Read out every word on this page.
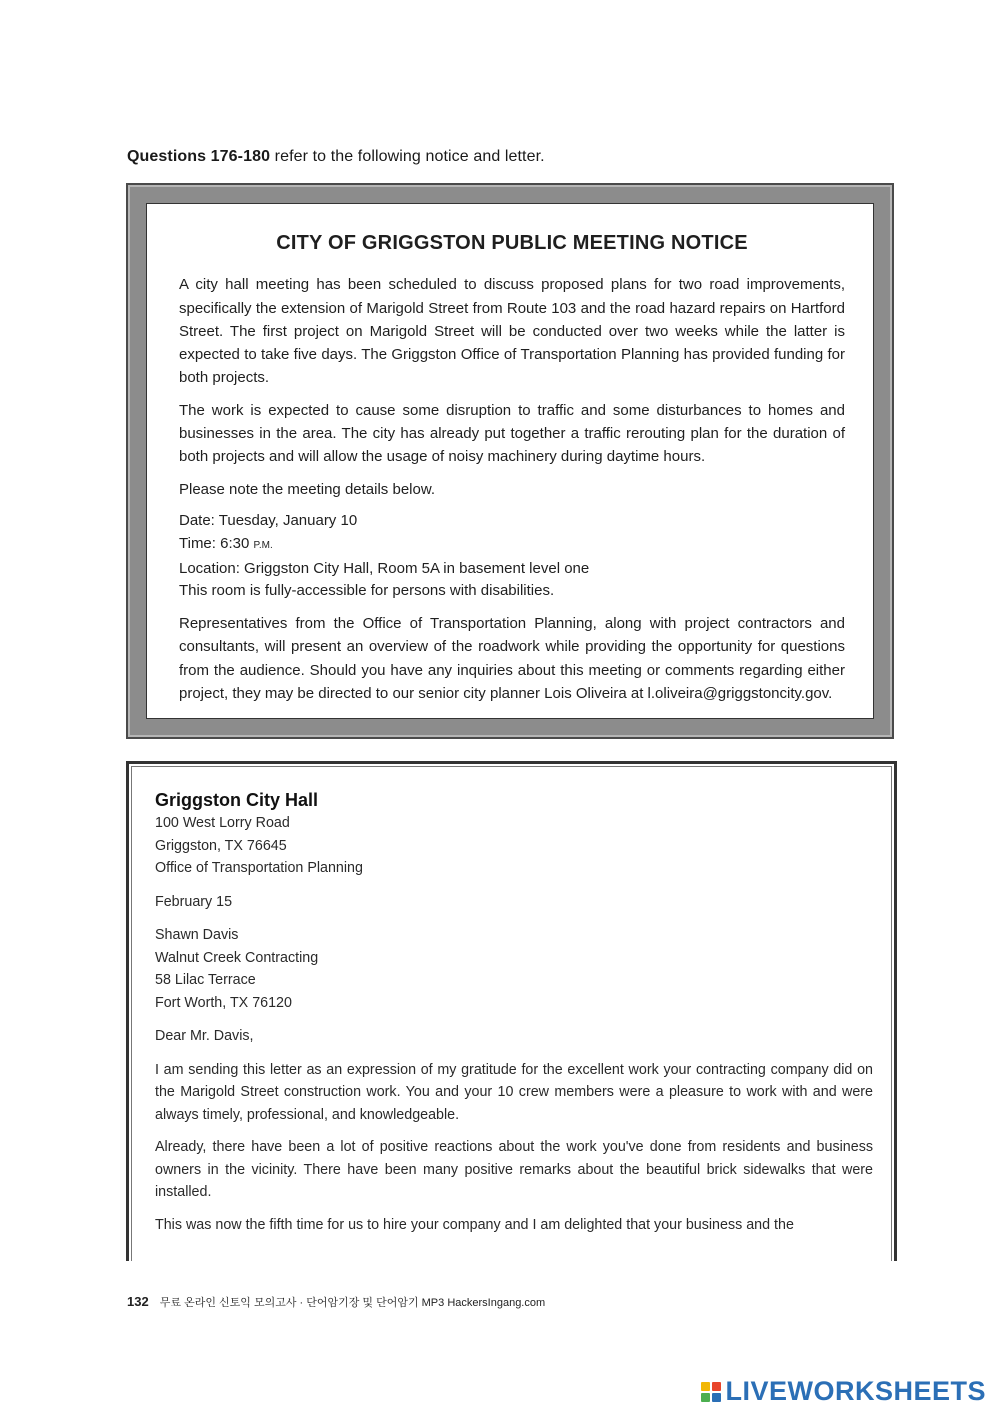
Questions 176-180 refer to the following notice and letter.
CITY OF GRIGGSTON PUBLIC MEETING NOTICE

A city hall meeting has been scheduled to discuss proposed plans for two road improvements, specifically the extension of Marigold Street from Route 103 and the road hazard repairs on Hartford Street. The first project on Marigold Street will be conducted over two weeks while the latter is expected to take five days. The Griggston Office of Transportation Planning has provided funding for both projects.

The work is expected to cause some disruption to traffic and some disturbances to homes and businesses in the area. The city has already put together a traffic rerouting plan for the duration of both projects and will allow the usage of noisy machinery during daytime hours.

Please note the meeting details below.

Date: Tuesday, January 10
Time: 6:30 P.M.
Location: Griggston City Hall, Room 5A in basement level one
This room is fully-accessible for persons with disabilities.

Representatives from the Office of Transportation Planning, along with project contractors and consultants, will present an overview of the roadwork while providing the opportunity for questions from the audience. Should you have any inquiries about this meeting or comments regarding either project, they may be directed to our senior city planner Lois Oliveira at l.oliveira@griggstoncity.gov.

Griggston City Hall
100 West Lorry Road
Griggston, TX 76645
Office of Transportation Planning
February 15
Shawn Davis
Walnut Creek Contracting
58 Lilac Terrace
Fort Worth, TX 76120
Dear Mr. Davis,

I am sending this letter as an expression of my gratitude for the excellent work your contracting company did on the Marigold Street construction work. You and your 10 crew members were a pleasure to work with and were always timely, professional, and knowledgeable.

Already, there have been a lot of positive reactions about the work you've done from residents and business owners in the vicinity. There have been many positive remarks about the beautiful brick sidewalks that were installed.

This was now the fifth time for us to hire your company and I am delighted that your business and the

132 무료 온라인 신토익 모의고사 · 단어암기장 및 단어암기 MP3 HackersIngang.com
LIVEWORKSHEETS
